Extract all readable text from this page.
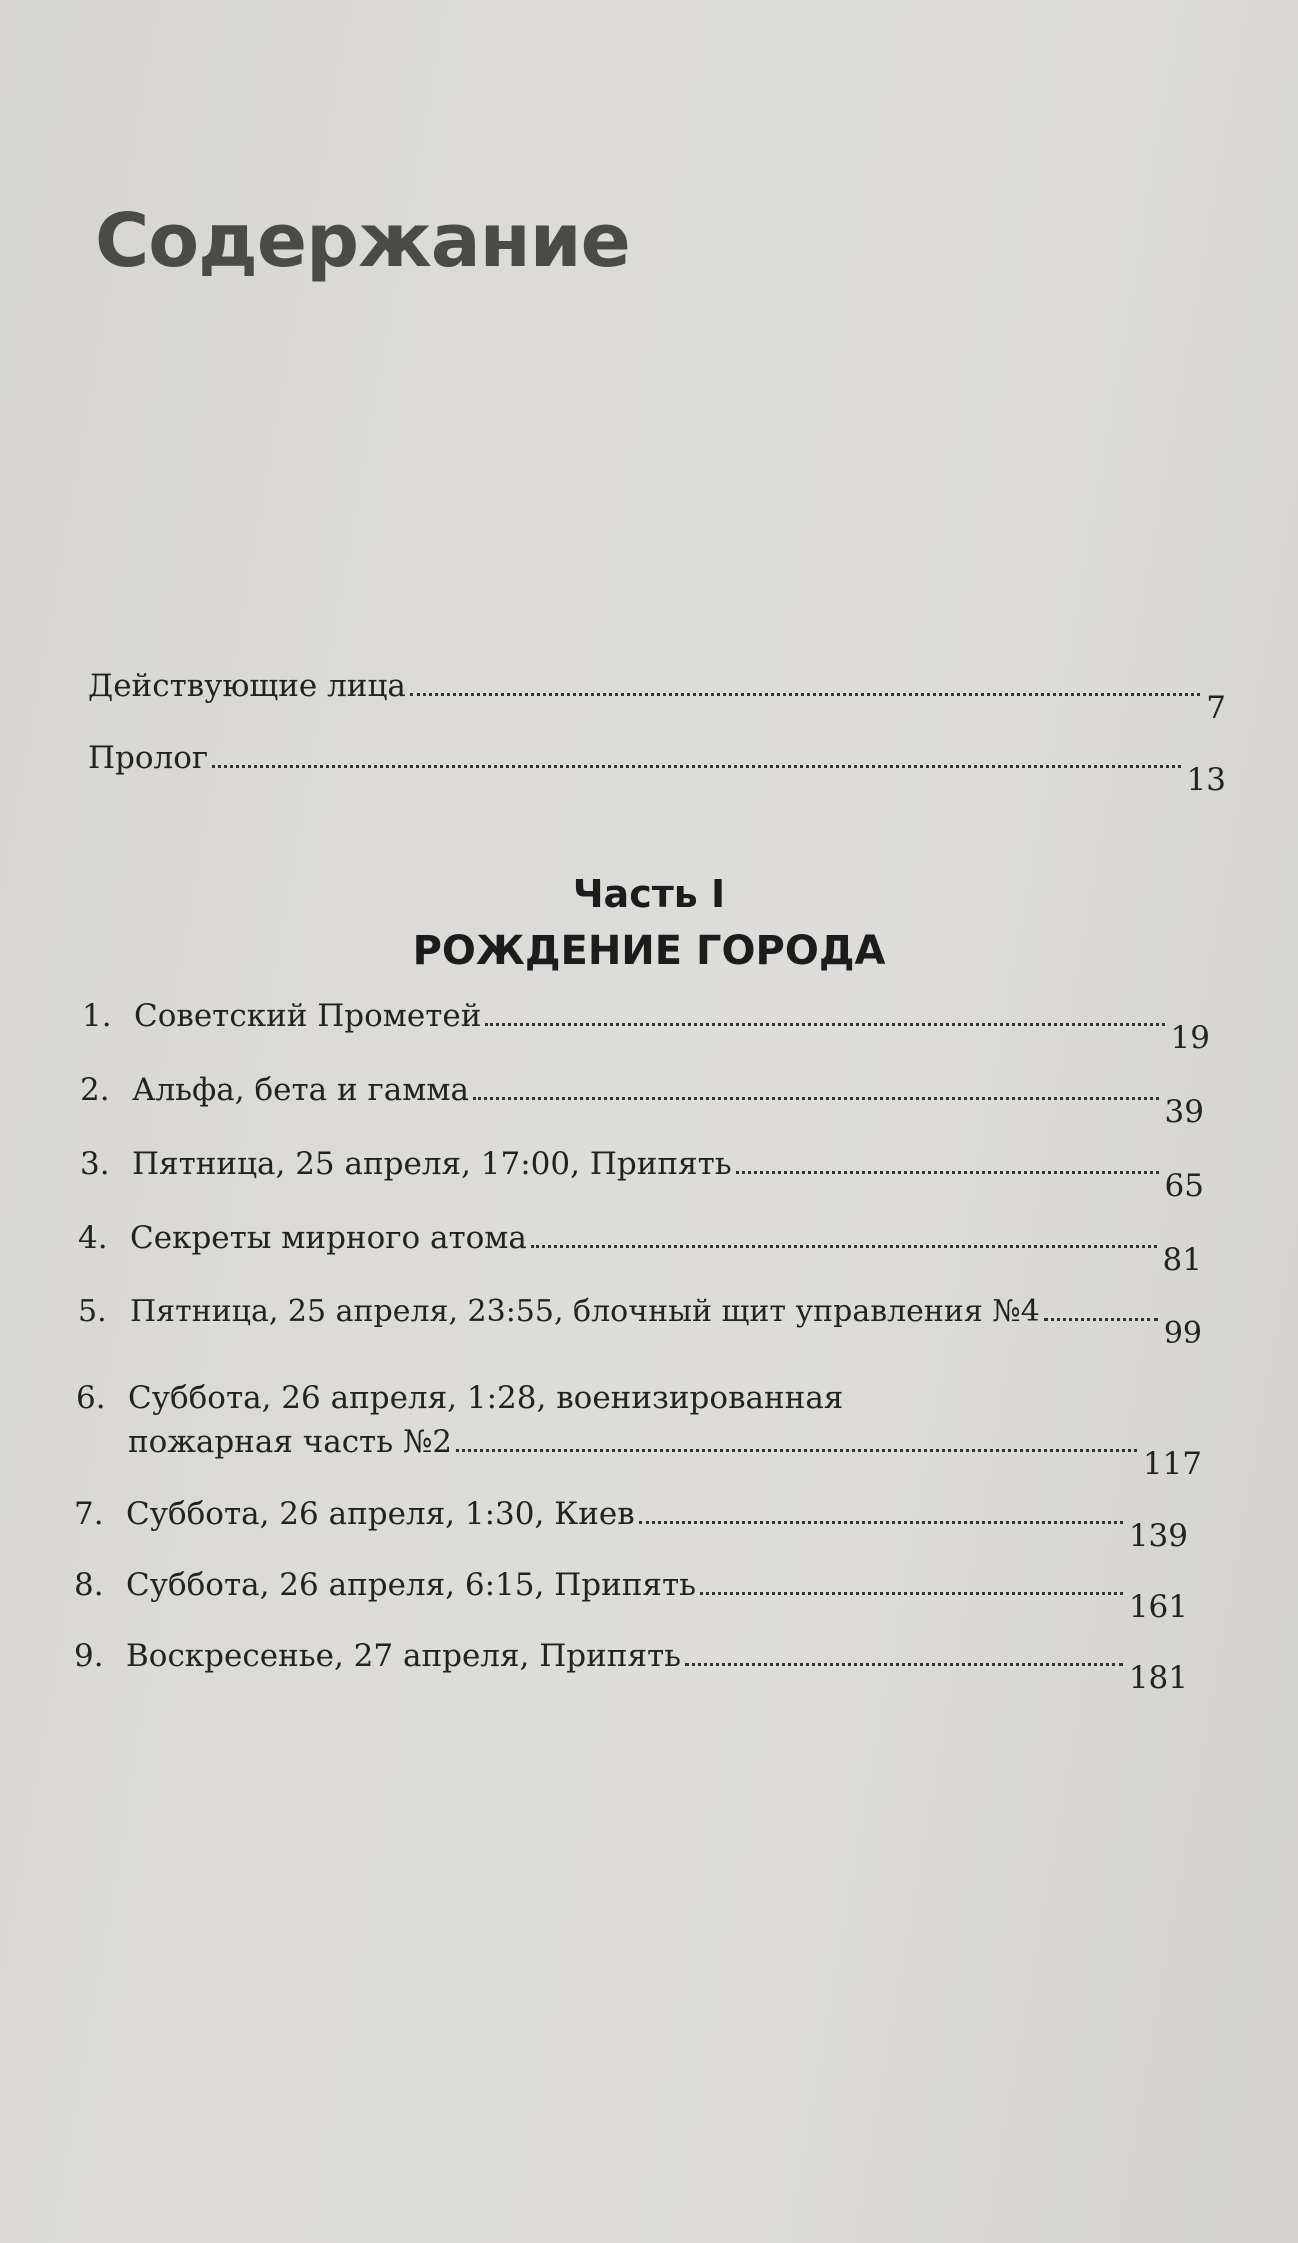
Содержание
Действующие лица
7
Пролог
13
Часть I
РОЖДЕНИЕ ГОРОДА
1. Советский Прометей
19
2. Альфа, бета и гамма
39
3. Пятница, 25 апреля, 17:00, Припять
65
4. Секреты мирного атома
81
5. Пятница, 25 апреля, 23:55, блочный щит управления №4
99
6. Суббота, 26 апреля, 1:28, военизированная
пожарная часть №2
117
7. Суббота, 26 апреля, 1:30, Киев
139
8. Суббота, 26 апреля, 6:15, Припять
161
9. Воскресенье, 27 апреля, Припять
181
